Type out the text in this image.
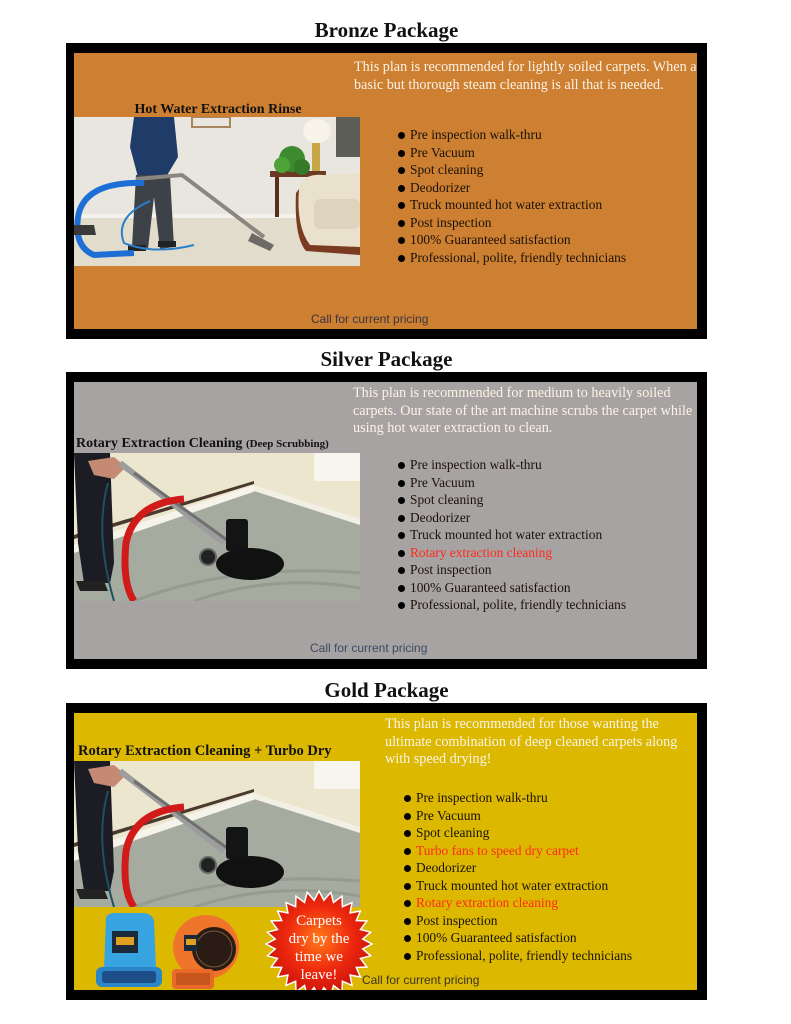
Bronze Package
Hot Water Extraction Rinse

This plan is recommended for lightly soiled carpets. When a basic but thorough steam cleaning is all that is needed.

Pre inspection walk-thru
Pre Vacuum
Spot cleaning
Deodorizer
Truck mounted hot water extraction
Post inspection
100% Guaranteed satisfaction
Professional, polite, friendly technicians
Call for current pricing
Silver Package
Rotary Extraction Cleaning (Deep Scrubbing)

This plan is recommended for medium to heavily soiled carpets. Our state of the art machine scrubs the carpet while using hot water extraction to clean.

Pre inspection walk-thru
Pre Vacuum
Spot cleaning
Deodorizer
Truck mounted hot water extraction
Rotary extraction cleaning
Post inspection
100% Guaranteed satisfaction
Professional, polite, friendly technicians
Call for current pricing
Gold Package
Rotary Extraction Cleaning + Turbo Dry
Carpets
dry by the
time we
leave!

This plan is recommended for those wanting the ultimate combination of deep cleaned carpets along with speed drying!

Pre inspection walk-thru
Pre Vacuum
Spot cleaning
Turbo fans to speed dry carpet
Deodorizer
Truck mounted hot water extraction
Rotary extraction cleaning
Post inspection
100% Guaranteed satisfaction
Professional, polite, friendly technicians
Call for current pricing
